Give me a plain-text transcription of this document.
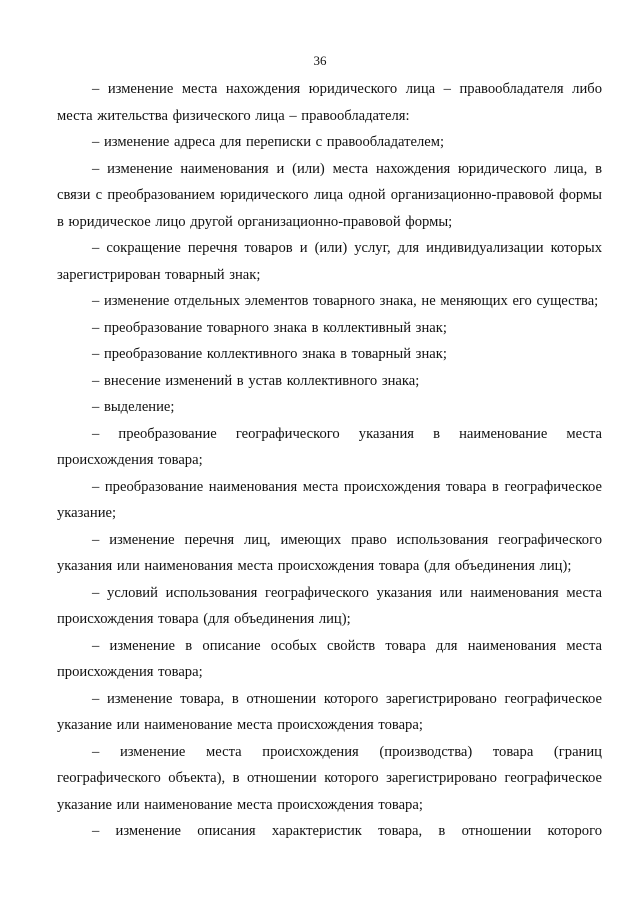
36

– изменение места нахождения юридического лица – правообладателя либо места жительства физического лица – правообладателя:

– изменение адреса для переписки с правообладателем;

– изменение наименования и (или) места нахождения юридического лица, в связи с преобразованием юридического лица одной организационно-правовой формы в юридическое лицо другой организационно-правовой формы;

– сокращение перечня товаров и (или) услуг, для индивидуализации которых зарегистрирован товарный знак;

– изменение отдельных элементов товарного знака, не меняющих его существа;

– преобразование товарного знака в коллективный знак;

– преобразование коллективного знака в товарный знак;

– внесение изменений в устав коллективного знака;

– выделение;

– преобразование географического указания в наименование места происхождения товара;

– преобразование наименования места происхождения товара в географическое указание;

– изменение перечня лиц, имеющих право использования географического указания или наименования места происхождения товара (для объединения лиц);

– условий использования географического указания или наименования места происхождения товара (для объединения лиц);

– изменение в описание особых свойств товара для наименования места происхождения товара;

– изменение товара, в отношении которого зарегистрировано географическое указание или наименование места происхождения товара;

– изменение места происхождения (производства) товара (границ географического объекта), в отношении которого зарегистрировано географическое указание или наименование места происхождения товара;

– изменение описания характеристик товара, в отношении которого
